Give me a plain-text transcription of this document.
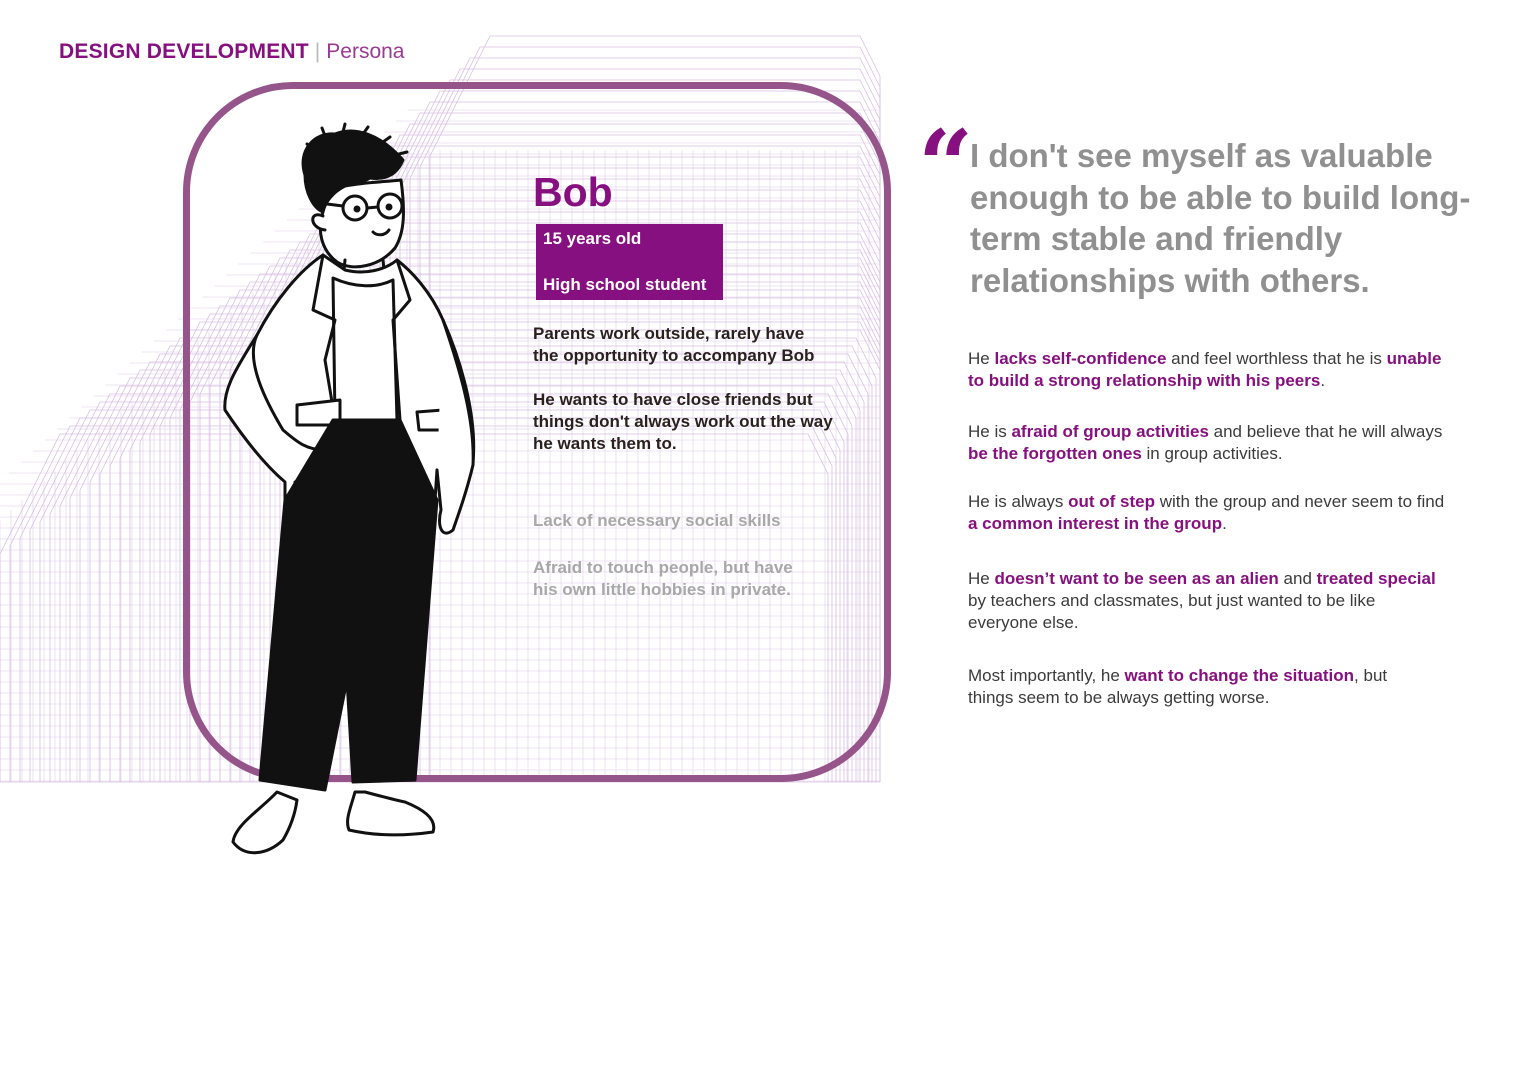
DESIGN DEVELOPMENT | Persona
Bob
15 years old
High school student
Parents work outside, rarely have the opportunity to accompany Bob
He wants to have close friends but things don't always work out the way he wants them to.
Lack of necessary social skills
Afraid to touch people, but have his own little hobbies in private.
“ I don't see myself as valuable enough to be able to build long-term stable and friendly relationships with others.
He lacks self-confidence and feel worthless that he is unable to build a strong relationship with his peers.
He is afraid of group activities and believe that he will always be the forgotten ones in group activities.
He is always out of step with the group and never seem to find a common interest in the group.
He doesn’t want to be seen as an alien and treated special by teachers and classmates, but just wanted to be like everyone else.
Most importantly, he want to change the situation, but things seem to be always getting worse.
